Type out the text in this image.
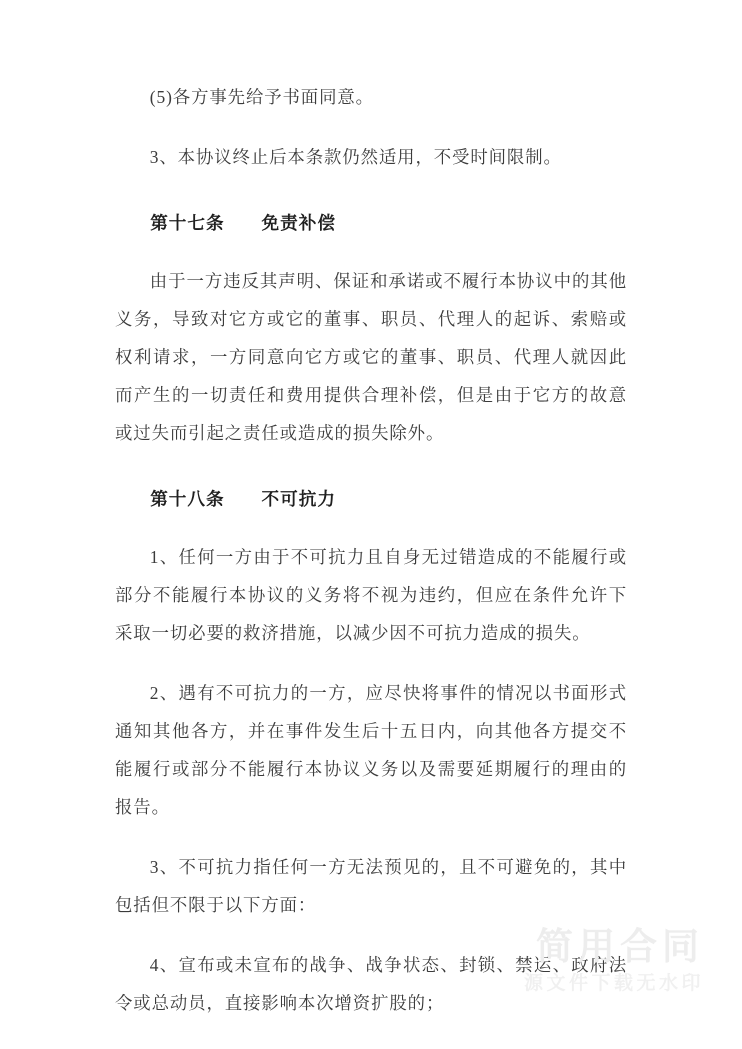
(5)各方事先给予书面同意。

3、本协议终止后本条款仍然适用，不受时间限制。

第十七条 免责补偿

由于一方违反其声明、保证和承诺或不履行本协议中的其他义务，导致对它方或它的董事、职员、代理人的起诉、索赔或权利请求，一方同意向它方或它的董事、职员、代理人就因此而产生的一切责任和费用提供合理补偿，但是由于它方的故意或过失而引起之责任或造成的损失除外。

第十八条 不可抗力

1、任何一方由于不可抗力且自身无过错造成的不能履行或部分不能履行本协议的义务将不视为违约，但应在条件允许下采取一切必要的救济措施，以减少因不可抗力造成的损失。

2、遇有不可抗力的一方，应尽快将事件的情况以书面形式通知其他各方，并在事件发生后十五日内，向其他各方提交不能履行或部分不能履行本协议义务以及需要延期履行的理由的报告。

3、不可抗力指任何一方无法预见的，且不可避免的，其中包括但不限于以下方面：

4、宣布或未宣布的战争、战争状态、封锁、禁运、政府法令或总动员，直接影响本次增资扩股的；

简用合同
源文件下载无水印
